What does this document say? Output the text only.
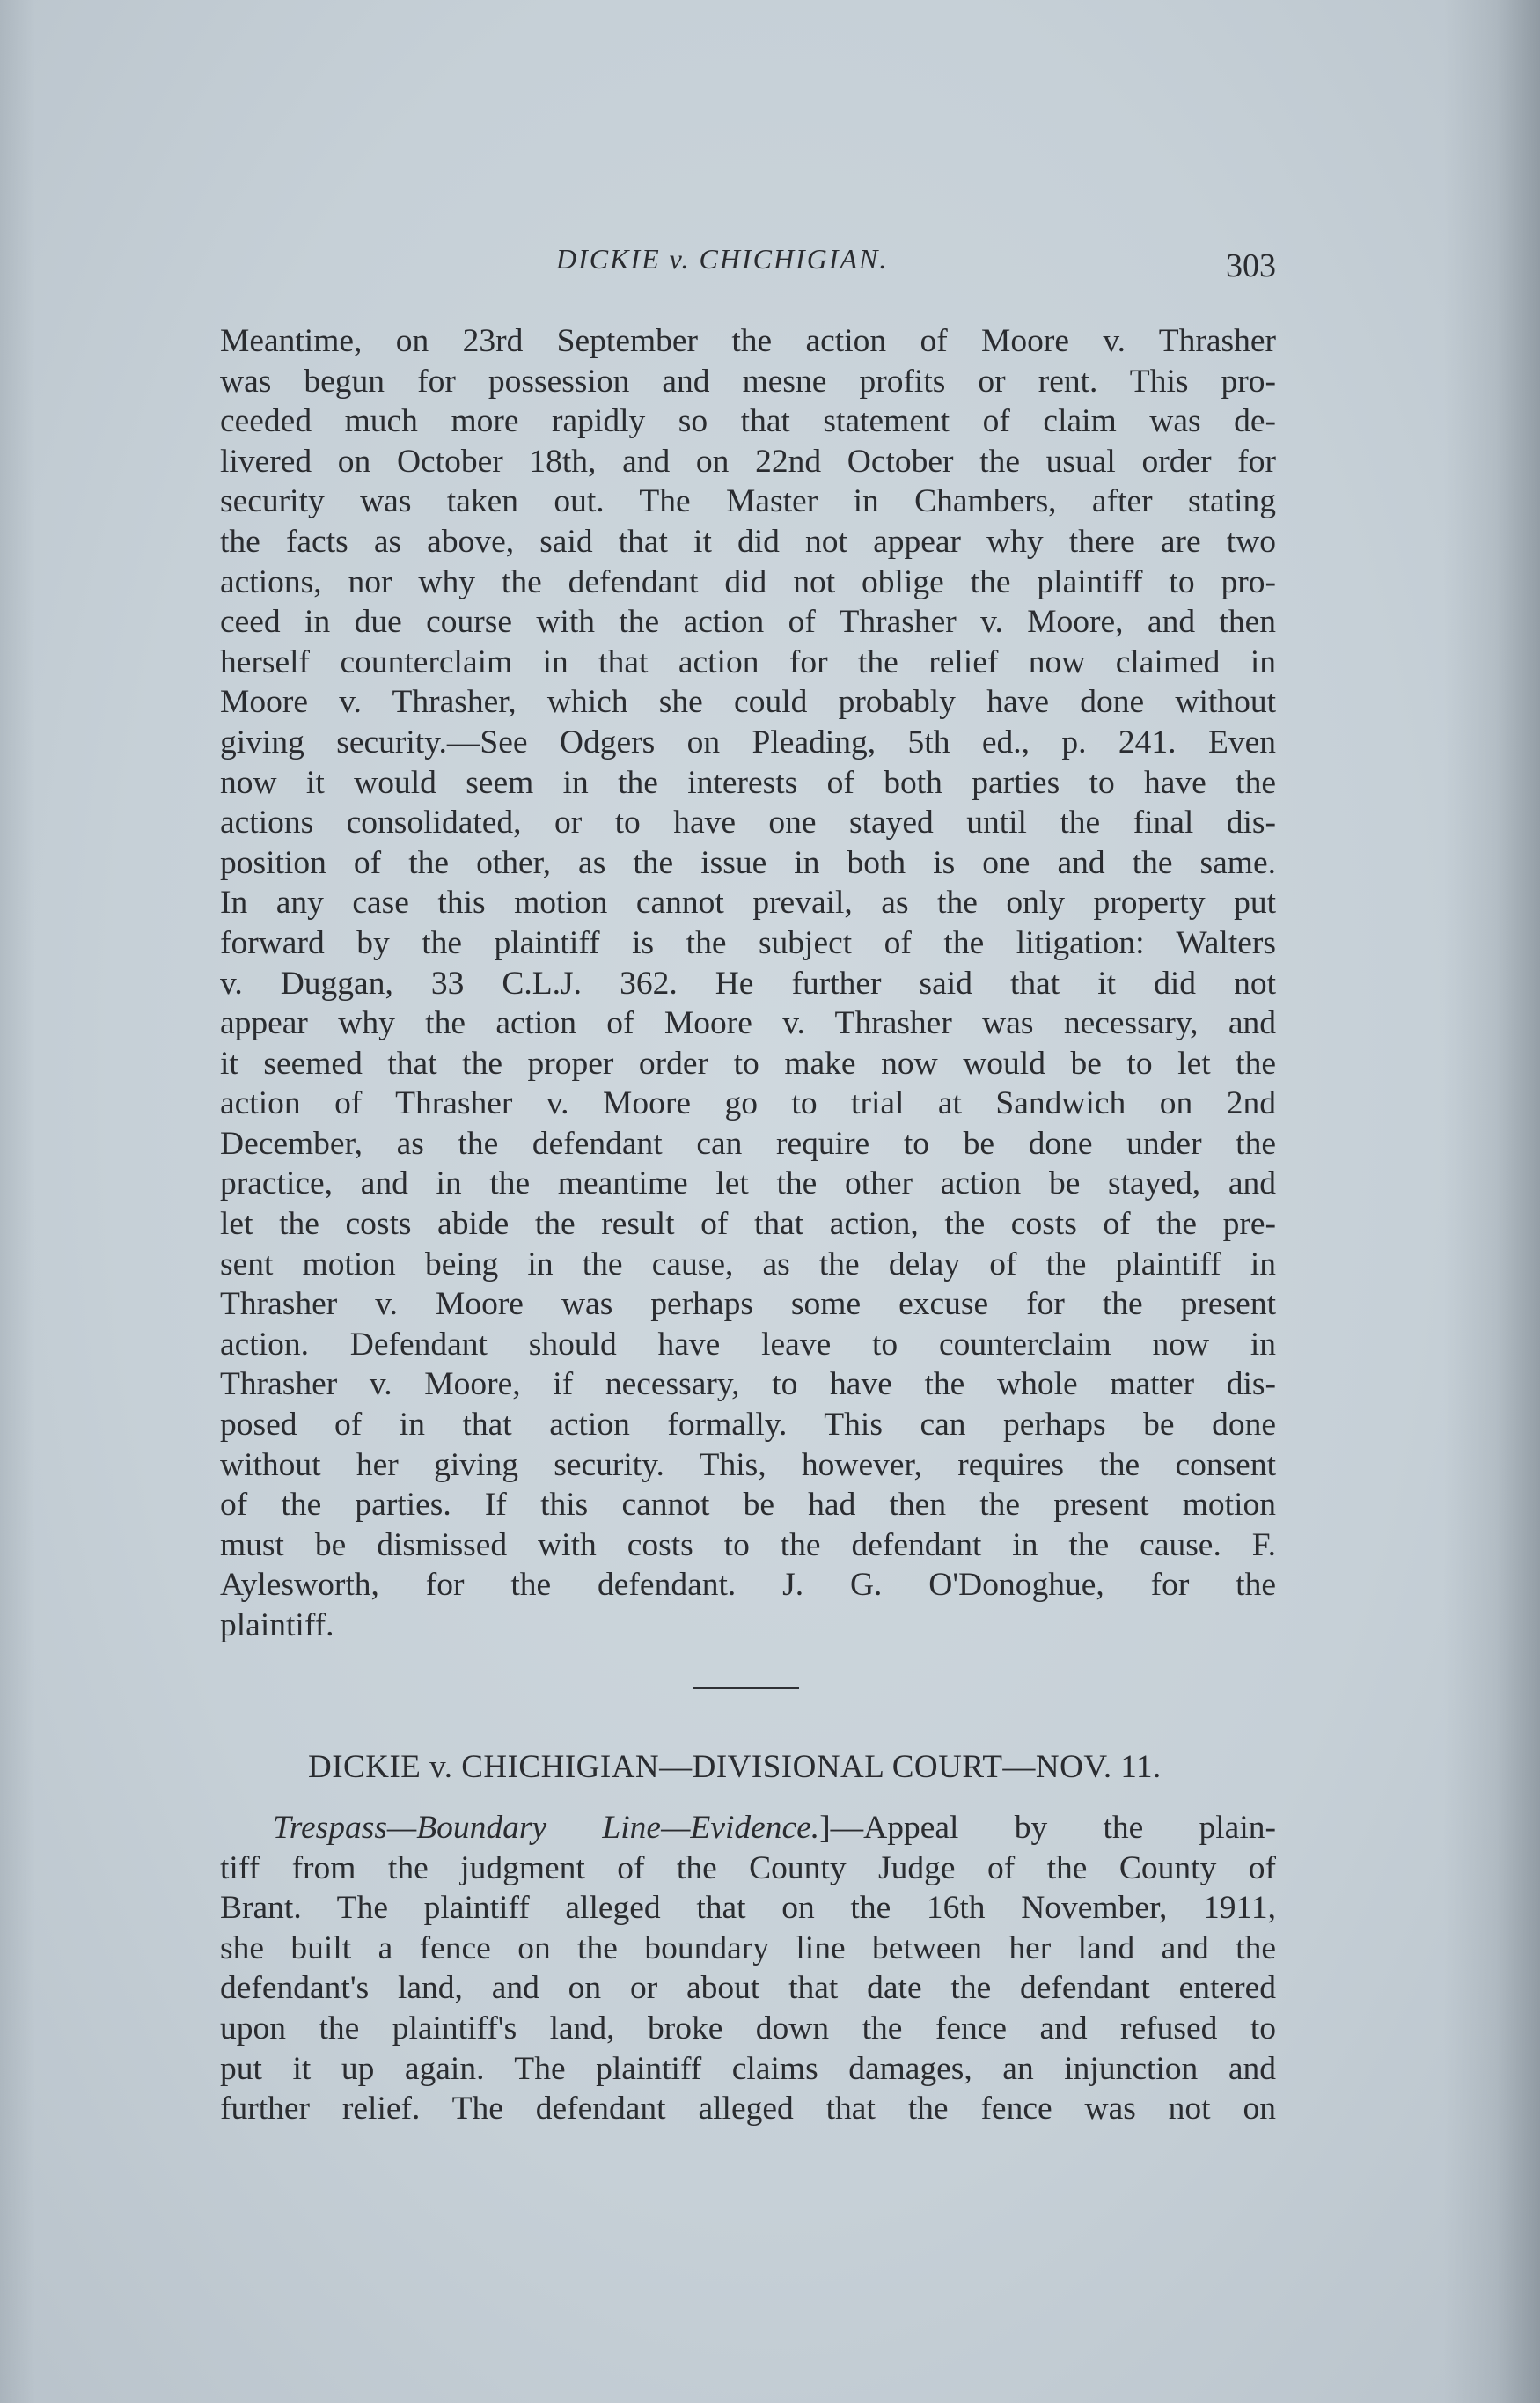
DICKIE v. CHICHIGIAN.	303
Meantime, on 23rd September the action of Moore v. Thrasher
was begun for possession and mesne profits or rent. This pro-
ceeded much more rapidly so that statement of claim was de-
livered on October 18th, and on 22nd October the usual order for
security was taken out. The Master in Chambers, after stating
the facts as above, said that it did not appear why there are two
actions, nor why the defendant did not oblige the plaintiff to pro-
ceed in due course with the action of Thrasher v. Moore, and then
herself counterclaim in that action for the relief now claimed in
Moore v. Thrasher, which she could probably have done without
giving security.—See Odgers on Pleading, 5th ed., p. 241. Even
now it would seem in the interests of both parties to have the
actions consolidated, or to have one stayed until the final dis-
position of the other, as the issue in both is one and the same.
In any case this motion cannot prevail, as the only property put
forward by the plaintiff is the subject of the litigation: Walters
v. Duggan, 33 C.L.J. 362. He further said that it did not
appear why the action of Moore v. Thrasher was necessary, and
it seemed that the proper order to make now would be to let the
action of Thrasher v. Moore go to trial at Sandwich on 2nd
December, as the defendant can require to be done under the
practice, and in the meantime let the other action be stayed, and
let the costs abide the result of that action, the costs of the pre-
sent motion being in the cause, as the delay of the plaintiff in
Thrasher v. Moore was perhaps some excuse for the present
action. Defendant should have leave to counterclaim now in
Thrasher v. Moore, if necessary, to have the whole matter dis-
posed of in that action formally. This can perhaps be done
without her giving security. This, however, requires the consent
of the parties. If this cannot be had then the present motion
must be dismissed with costs to the defendant in the cause. F.
Aylesworth, for the defendant. J. G. O'Donoghue, for the
plaintiff.
DICKIE v. CHICHIGIAN—DIVISIONAL COURT—NOV. 11.
Trespass—Boundary Line—Evidence.]—Appeal by the plain-
tiff from the judgment of the County Judge of the County of
Brant. The plaintiff alleged that on the 16th November, 1911,
she built a fence on the boundary line between her land and the
defendant's land, and on or about that date the defendant entered
upon the plaintiff's land, broke down the fence and refused to
put it up again. The plaintiff claims damages, an injunction and
further relief. The defendant alleged that the fence was not on
